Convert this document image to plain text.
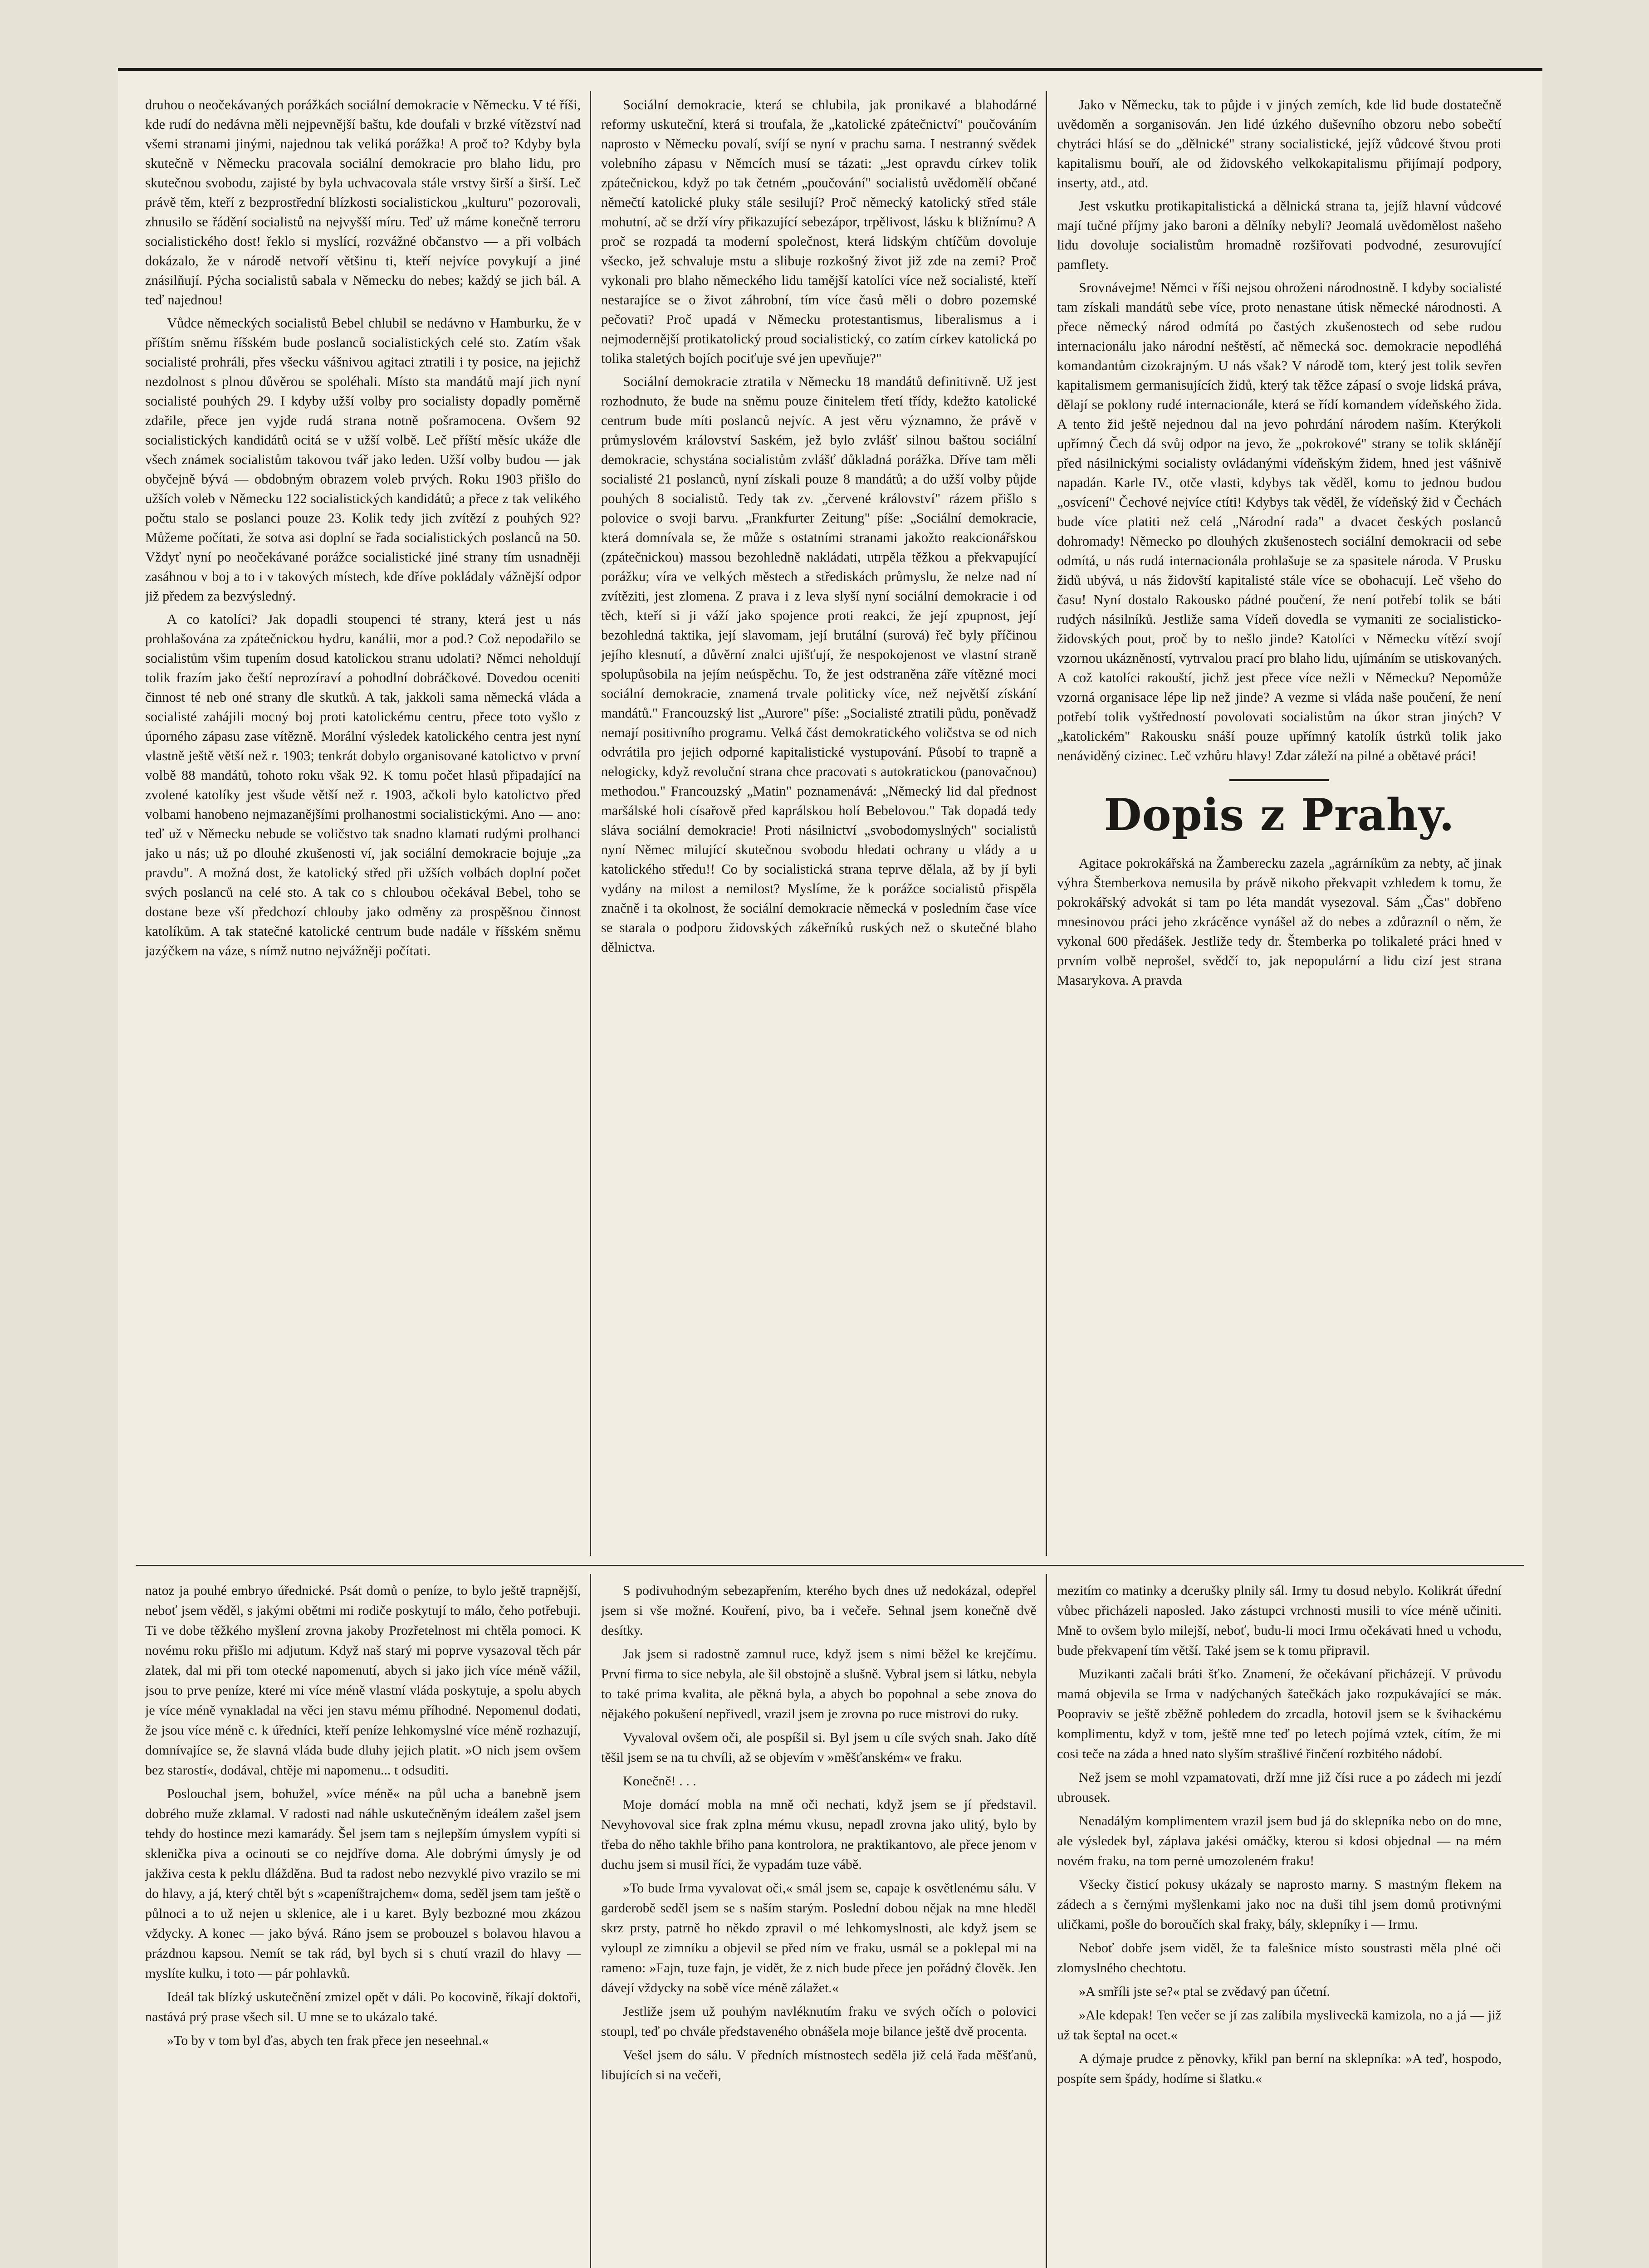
druhou o neočekávaných porážkách sociální demokracie v Německu. V té říši, kde rudí do nedávna měli nejpevnější baštu, kde doufali v brzké vítězství nad všemi stranami jinými, najednou tak veliká porážka! A proč to? Kdyby byla skutečně v Německu pracovala sociální demokracie pro blaho lidu, pro skutečnou svobodu, zajisté by byla uchvacovala stále vrstvy širší a širší. Leč právě těm, kteří z bezprostřední blízkosti socialistickou „kulturu" pozorovali, zhnusilo se řádění socialistů na nejvyšší míru. Teď už máme konečně terroru socialistického dost! řeklo si myslící, rozvážné občanstvo — a při volbách dokázalo, že v národě netvoří většinu ti, kteří nejvíce povykují a jiné znásilňují. Pýcha socialistů sabala v Německu do nebes; každý se jich bál. A teď najednou!

Vůdce německých socialistů Bebel chlubil se nedávno v Hamburku, že v příštím sněmu říšském bude poslanců socialistických celé sto. Zatím však socialisté prohráli, přes všecku vášnivou agitaci ztratili i ty posice, na jejichž nezdolnost s plnou důvěrou se spoléhali. Místo sta mandátů mají jich nyní socialisté pouhých 29. I kdyby užší volby pro socialisty dopadly poměrně zdařile, přece jen vyjde rudá strana notně pošramocena. Ovšem 92 socialistických kandidátů ocitá se v užší volbě. Leč příští měsíc ukáže dle všech známek socialistům takovou tvář jako leden. Užší volby budou — jak obyčejně bývá — obdobným obrazem voleb prvých. Roku 1903 přišlo do užších voleb v Německu 122 socialistických kandidátů; a přece z tak velikého počtu stalo se poslanci pouze 23. Kolik tedy jich zvítězí z pouhých 92? Můžeme počítati, že sotva asi doplní se řada socialistických poslanců na 50. Vždyť nyní po neočekávané porážce socialistické jiné strany tím usnadněji zasáhnou v boj a to i v takových místech, kde dříve pokládaly vážnější odpor již předem za bezvýsledný.

A co katolíci? Jak dopadli stoupenci té strany, která jest u nás prohlašována za zpátečnickou hydru, kanálii, mor a pod.? Což nepodařilo se socialistům všim tupením dosud katolickou stranu udolati? Němci neholdují tolik frazím jako čeští neprozíraví a pohodlní dobráčkové. Dovedou oceniti činnost té neb oné strany dle skutků. A tak, jakkoli sama německá vláda a socialisté zahájili mocný boj proti katolickému centru, přece toto vyšlo z úporného zápasu zase vítězně. Morální výsledek katolického centra jest nyní vlastně ještě větší než r. 1903; tenkrát dobylo organisované katolictvo v první volbě 88 mandátů, tohoto roku však 92. K tomu počet hlasů připadající na zvolené katolíky jest všude větší než r. 1903, ačkoli bylo katolictvo před volbami hanobeno nejmazanějšími prolhanostmi socialistickými. Ano — ano: teď už v Německu nebude se voličstvo tak snadno klamati rudými prolhanci jako u nás; už po dlouhé zkušenosti ví, jak sociální demokracie bojuje „za pravdu". A možná dost, že katolický střed při užších volbách doplní počet svých poslanců na celé sto. A tak co s chloubou očekával Bebel, toho se dostane beze vší předchozí chlouby jako odměny za prospěšnou činnost katolíkům. A tak statečné katolické centrum bude nadále v říšském sněmu jazýčkem na váze, s nímž nutno nejvážněji počítati.

Sociální demokracie, která se chlubila, jak pronikavé a blahodárné reformy uskuteční, která si troufala, že „katolické zpátečnictví" poučováním naprosto v Německu povalí, svíjí se nyní v prachu sama. I nestranný svědek volebního zápasu v Němcích musí se tázati: „Jest opravdu církev tolik zpátečnickou, když po tak četném „poučování" socialistů uvědomělí občané němečtí katolické pluky stále sesilují? Proč německý katolický střed stále mohutní, ač se drží víry přikazující sebezápor, trpělivost, lásku k bližnímu? A proč se rozpadá ta moderní společnost, která lidským chtíčům dovoluje všecko, jež schvaluje mstu a slibuje rozkošný život již zde na zemi? Proč vykonali pro blaho německého lidu tamější katolíci více než socialisté, kteří nestarajíce se o život záhrobní, tím více časů měli o dobro pozemské pečovati? Proč upadá v Německu protestantismus, liberalismus a i nejmodernější protikatolický proud socialistický, co zatím církev katolická po tolika staletých bojích pociťuje své jen upevňuje?"

Sociální demokracie ztratila v Německu 18 mandátů definitivně. Už jest rozhodnuto, že bude na sněmu pouze činitelem třetí třídy, kdežto katolické centrum bude míti poslanců nejvíc. A jest věru významno, že právě v průmyslovém království Saském, jež bylo zvlášť silnou baštou sociální demokracie, schystána socialistům zvlášť důkladná porážka. Dříve tam měli socialisté 21 poslanců, nyní získali pouze 8 mandátů; a do užší volby půjde pouhých 8 socialistů. Tedy tak zv. „červené království" rázem přišlo s polovice o svoji barvu. „Frankfurter Zeitung" píše: „Sociální demokracie, která domnívala se, že může s ostatními stranami jakožto reakcionářskou (zpátečnickou) massou bezohledně nakládati, utrpěla těžkou a překvapující porážku; víra ve velkých městech a střediskách průmyslu, že nelze nad ní zvítěziti, jest zlomena. Z prava i z leva slyší nyní sociální demokracie i od těch, kteří si ji váží jako spojence proti reakci, že její zpupnost, její bezohledná taktika, její slavomam, její brutální (surová) řeč byly příčinou jejího klesnutí, a důvěrní znalci ujišťují, že nespokojenost ve vlastní straně spolupůsobila na jejím neúspěchu. To, že jest odstraněna záře vítězné moci sociální demokracie, znamená trvale politicky více, než největší získání mandátů." Francouzský list „Aurore" píše: „Socialisté ztratili půdu, poněvadž nemají positivního programu. Velká část demokratického voličstva se od nich odvrátila pro jejich odporné kapitalistické vystupování. Působí to trapně a nelogicky, když revoluční strana chce pracovati s autokratickou (panovačnou) methodou." Francouzský „Matin" poznamenává: „Německý lid dal přednost maršálské holi císařově před kaprálskou holí Bebelovou." Tak dopadá tedy sláva sociální demokracie! Proti násilnictví „svobodomyslných" socialistů nyní Němec milující skutečnou svobodu hledati ochrany u vlády a u katolického středu!! Co by socialistická strana teprve dělala, až by jí byli vydány na milost a nemilost? Myslíme, že k porážce socialistů přispěla značně i ta okolnost, že sociální demokracie německá v posledním čase více se starala o podporu židovských zákeřníků ruských než o skutečné blaho dělnictva.

Jako v Německu, tak to půjde i v jiných zemích, kde lid bude dostatečně uvědoměn a sorganisován. Jen lidé úzkého duševního obzoru nebo sobečtí chytráci hlásí se do „dělnické" strany socialistické, jejíž vůdcové štvou proti kapitalismu bouří, ale od židovského velkokapitalismu přijímají podpory, inserty, atd., atd.

Jest vskutku protikapitalistická a dělnická strana ta, jejíž hlavní vůdcové mají tučné příjmy jako baroni a dělníky nebyli? Jeomalá uvědomělost našeho lidu dovoluje socialistům hromadně rozšiřovati podvodné, zesurovující pamflety.

Srovnávejme! Němci v říši nejsou ohroženi národnostně. I kdyby socialisté tam získali mandátů sebe více, proto nenastane útisk německé národnosti. A přece německý národ odmítá po častých zkušenostech od sebe rudou internacionálu jako národní neštěstí, ač německá soc. demokracie nepodléhá komandantům cizokrajným. U nás však? V národě tom, který jest tolik sevřen kapitalismem germanisujících židů, který tak těžce zápasí o svoje lidská práva, dělají se poklony rudé internacionále, která se řídí komandem vídeňského žida. A tento žid ještě nejednou dal na jevo pohrdání národem naším. Kterýkoli upřímný Čech dá svůj odpor na jevo, že „pokrokové" strany se tolik sklánějí před násilnickými socialisty ovládanými vídeňským židem, hned jest vášnivě napadán. Karle IV., otče vlasti, kdybys tak věděl, komu to jednou budou „osvícení" Čechové nejvíce ctíti! Kdybys tak věděl, že vídeňský žid v Čechách bude více platiti než celá „Národní rada" a dvacet českých poslanců dohromady! Německo po dlouhých zkušenostech sociální demokracii od sebe odmítá, u nás rudá internacionála prohlašuje se za spasitele národa. V Prusku židů ubývá, u nás židovští kapitalisté stále více se obohacují. Leč všeho do času! Nyní dostalo Rakousko pádné poučení, že není potřebí tolik se báti rudých násilníků. Jestliže sama Vídeň dovedla se vymaniti ze socialisticko-židovských pout, proč by to nešlo jinde? Katolíci v Německu vítězí svojí vzornou ukázněností, vytrvalou prací pro blaho lidu, ujímáním se utiskovaných. A což katolíci rakouští, jichž jest přece více nežli v Německu? Nepomůže vzorná organisace lépe lip než jinde? A vezme si vláda naše poučení, že není potřebí tolik vyštředností povolovati socialistům na úkor stran jiných? V „katolickém" Rakousku snáší pouze upřímný katolík ústrků tolik jako nenáviděný cizinec. Leč vzhůru hlavy! Zdar záleží na pilné a obětavé práci!

Dopis z Prahy.

Agitace pokrokářská na Žamberecku zazela „agrárníkům za nebty, ač jinak výhra Štemberkova nemusila by právě nikoho překvapit vzhledem k tomu, že pokrokářský advokát si tam po léta mandát vysezoval. Sám „Čas" dobřeno mnesinovou práci jeho zkrácěnce vynášel až do nebes a zdůrazníl o něm, že vykonal 600 předášek. Jestliže tedy dr. Štemberka po tolikaleté práci hned v prvním volbě neprošel, svědčí to, jak nepopulární a lidu cizí jest strana Masarykova. A pravda

natoz ja pouhé embryo úřednické. Psát domů o peníze, to bylo ještě trapnější, neboť jsem věděl, s jakými obětmi mi rodiče poskytují to málo, čeho potřebuji. Ti ve dobe těžkého myšlení zrovna jakoby Prozřetelnost mi chtěla pomoci. K novému roku přišlo mi adjutum. Když naš starý mi poprve vysazoval těch pár zlatek, dal mi při tom otecké napomenutí, abych si jako jich více méně vážil, jsou to prve peníze, které mi více méně vlastní vláda poskytuje, a spolu abych je více méně vynakladal na věci jen stavu mému příhodné. Nepomenul dodati, že jsou více méně c. k úředníci, kteří peníze lehkomyslné více méně rozhazují, domnívajíce se, že slavná vláda bude dluhy jejich platit. »O nich jsem ovšem bez starostí«, dodával, chtěje mi napomenu... t odsuditi.

Poslouchal jsem, bohužel, »více méně« na půl ucha a banebně jsem dobrého muže zklamal. V radosti nad náhle uskutečněným ideálem zašel jsem tehdy do hostince mezi kamarády. Šel jsem tam s nejlepším úmyslem vypíti si sklenička pivа a ocinouti se co nejdříve doma. Ale dobrými úmysly je od jakživa cesta k peklu dlážděna. Bud ta radost nebo nezvyklé pivo vrazilo se mi do hlavy, a já, který chtěl být s »capeníštrajchem« doma, seděl jsem tam ještě o půlnoci a to už nejen u sklenice, ale i u karet. Byly bezbozné mou zkázou vždycky. A konec — jako bývá. Ráno jsem se probouzel s bolavou hlavou a prázdnou kapsou. Nemít se tak rád, byl bych si s chutí vrazil do hlavy — myslíte kulku, i toto — pár pohlavků.

Ideál tak blízký uskutečnění zmizel opět v dáli. Po kocovině, říkají doktoři, nastává prý prase všech sil. U mne se to ukázalo také.

»To by v tom byl ďas, abych ten frak přece jen neseehnal.«

S podivuhodným sebezapřením, kterého bych dnes už nedokázal, odepřel jsem si vše možné. Kouření, pivo, ba i večeře. Sehnal jsem konečně dvě desítky.

Jak jsem si radostně zamnul ruce, když jsem s nimi běžel ke krejčímu. První firma to sice nebyla, ale šil obstojně a slušně. Vybral jsem si látku, nebyla to také prima kvalita, ale pěkná byla, a abych bo popohnal a sebe znova do nějakého pokušení nepřivedl, vrazil jsem je zrovna po ruce mistrovi do ruky.

Vyvaloval ovšem oči, ale pospíšil si. Byl jsem u cíle svých snah. Jako dítě těšil jsem se na tu chvíli, až se objevím v »měšťanském« ve fraku.

Konečně! . . .

Moje domácí mobla na mně oči nechati, když jsem se jí představil. Nevyhovoval sice frak zplna mému vkusu, nepadl zrovna jako ulitý, bylo by třeba do něho takhle břiho pana kontrolora, ne praktikantovo, ale přece jenom v duchu jsem si musil říci, že vypadám tuze vábě.

»To bude Irma vyvalovat oči,« smál jsem se, capaje k osvětlenému sálu. V garderobě seděl jsem se s naším starým. Poslední dobou nějak na mne hleděl skrz prsty, patrně ho někdo zpravil o mé lehkomyslnosti, ale když jsem se vyloupl ze zimníku a objevil se před ním ve fraku, usmál se a poklepal mi na rameno: »Fajn, tuze fajn, je vidět, že z nich bude přece jen pořádný člověk. Jen dávejí vždycky na sobě více méně zálažet.«

Jestliže jsem už pouhým navléknutím fraku ve svých očích o polovici stoupl, teď po chvále představeného obnášela moje bilance ještě dvě procenta.

Vešel jsem do sálu. V předních místnostech seděla již celá řada měšťanů, libujících si na večeři,

mezitím co matinky a dcerušky plnily sál. Irmy tu dosud nebylo. Kolikrát úřední vůbec přicházeli naposled. Jako zástupci vrchnosti musili to více méně učiniti. Mně to ovšem bylo milejší, neboť, budu-li moci Irmu očekávati hned u vchodu, bude překvapení tím větší. Také jsem se k tomu připravil.

Muzikanti začali bráti šťko. Znamení, že očekávaní přicházejí. V průvodu mamá objevila se Irma v nadýchaných šatečkách jako rozpukávající se máк. Poopraviv se ještě zběžně pohledem do zrcadla, hotovil jsem se k švihackému komplimentu, když v tom, ještě mne teď po letech pojímá vztek, cítím, že mi cosi teče na záda a hned nato slyším strašlivé řinčení rozbitého nádobí.

Než jsem se mohl vzpamatovati, drží mne již čísi ruce a po zádech mi jezdí ubrousek.

Nenadálým komplimentem vrazil jsem bud já do sklepníka nebo on do mne, ale výsledek byl, záplava jakési omáčky, kterou si kdosi objednal — na mém novém fraku, na tom pernė umozoleném fraku!

Všecky čisticí pokusy ukázaly se naprosto marny. S mastným flekem na zádech a s černými myšlenkami jako noc na duši tihl jsem domů protivnými uličkami, pošle do boroučích skal fraky, bály, sklepníky i — Irmu.

Neboť dobře jsem viděl, že ta falešnice místo soustrasti měla plné oči zlomyslného chechtotu.

»A smříli jste se?« ptal se zvědavý pan účetní.

»Ale kdepak! Ten večer se jí zas zalíbila mysliveckä kamizola, no a já — již už tak šeptal na ocet.«

A dýmaje prudce z pěnovky, křikl pan berní na sklepníka: »A teď, hospodo, pospíte sem špády, hodíme si šlatku.«
